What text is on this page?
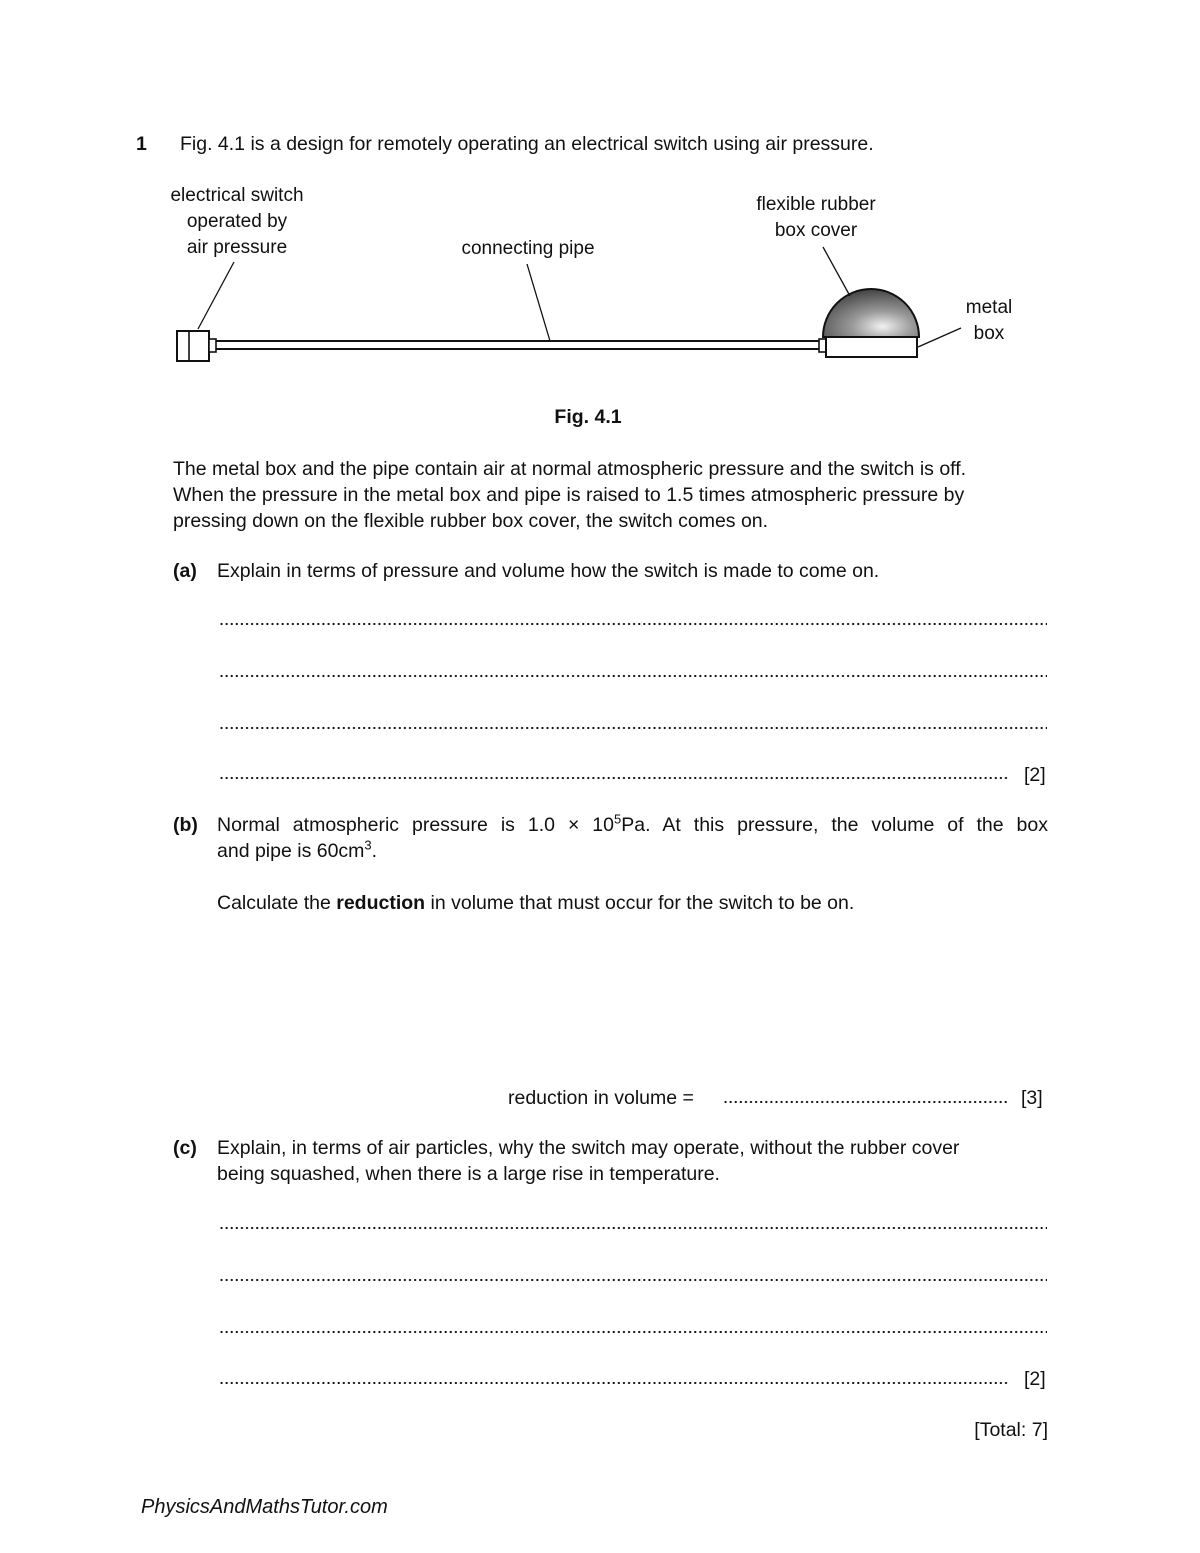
1 Fig. 4.1 is a design for remotely operating an electrical switch using air pressure.
electrical switch
operated by
air pressure	connecting pipe
flexible rubber
box cover
metal
box
Fig. 4.1
The metal box and the pipe contain air at normal atmospheric pressure and the switch is off.
When the pressure in the metal box and pipe is raised to 1.5 times atmospheric pressure by
pressing down on the flexible rubber box cover, the switch comes on.
(a) Explain in terms of pressure and volume how the switch is made to come on.
[2]
(b) Normal atmospheric pressure is $1.0 \times 10^5Pa$. At this pressure, the volume of the box
and pipe is $60cm^3$.
Calculate the reduction in volume that must occur for the switch to be on.
reduction in volume =	[3]
(c) Explain, in terms of air particles, why the switch may operate, without the rubber cover
being squashed, when there is a large rise in temperature.
[2]
[Total: 7]
PhysicsAndMathsTutor.com
